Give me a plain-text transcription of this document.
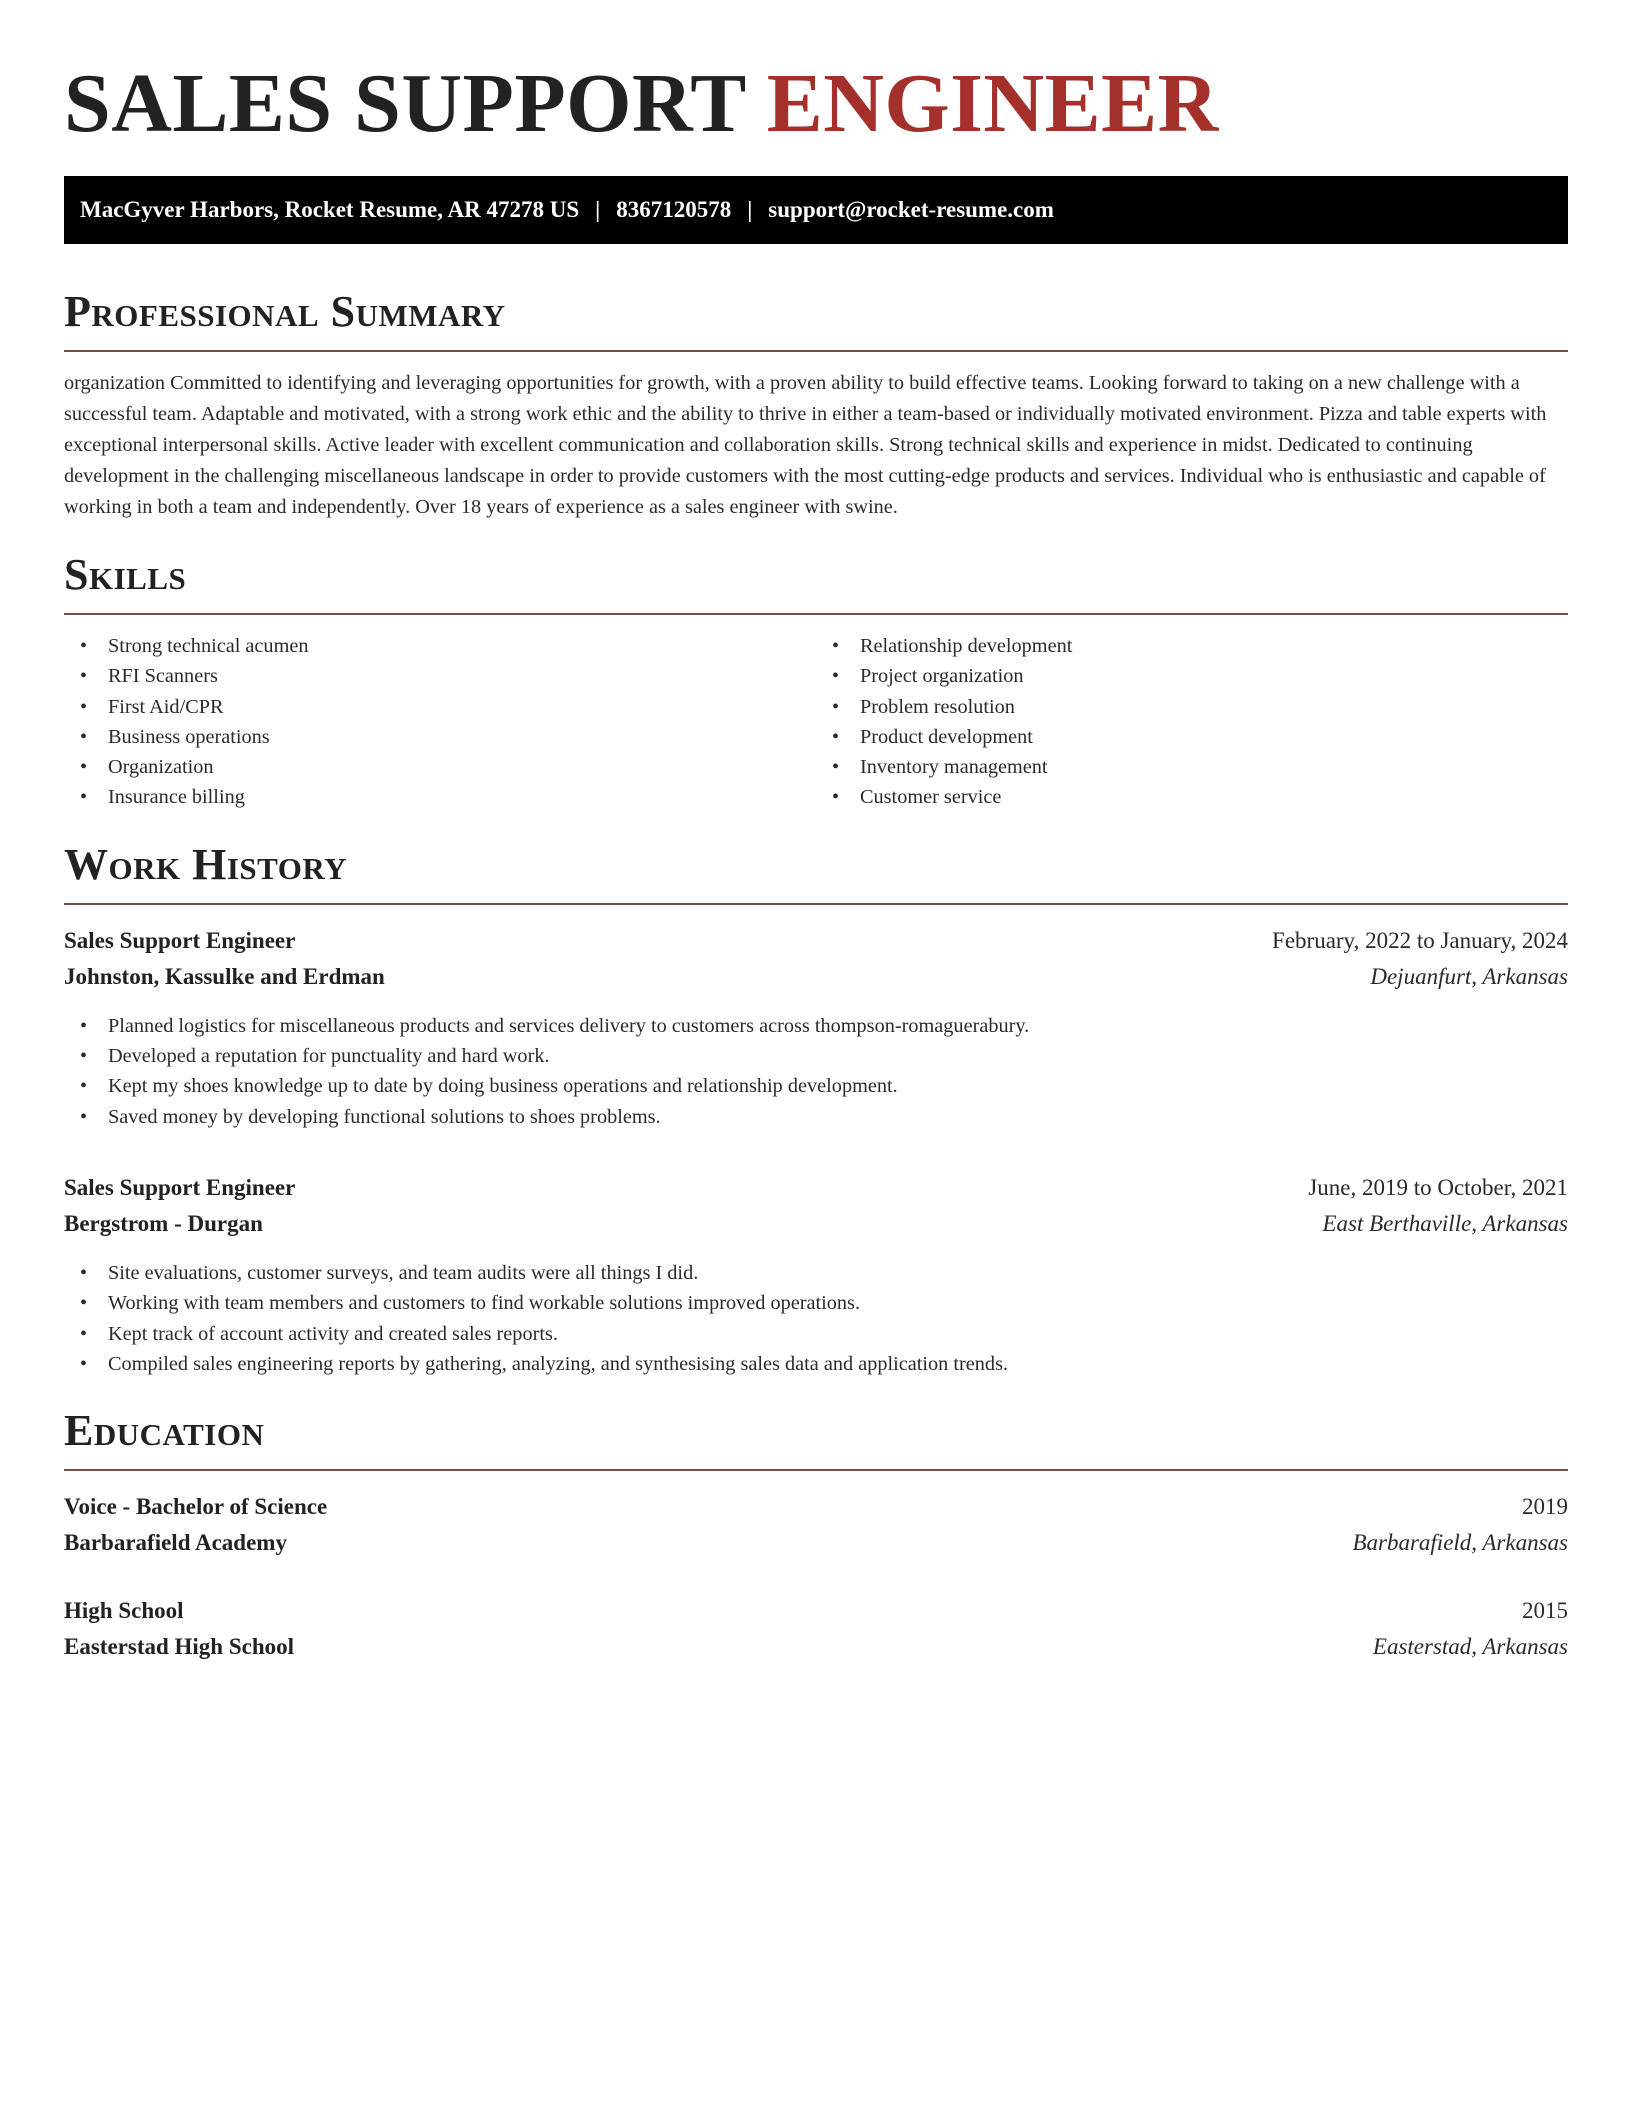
SALES SUPPORT ENGINEER
MacGyver Harbors, Rocket Resume, AR 47278 US | 8367120578 | support@rocket-resume.com
Professional Summary

organization Committed to identifying and leveraging opportunities for growth, with a proven ability to build effective teams. Looking forward to taking on a new challenge with a successful team. Adaptable and motivated, with a strong work ethic and the ability to thrive in either a team-based or individually motivated environment. Pizza and table experts with exceptional interpersonal skills. Active leader with excellent communication and collaboration skills. Strong technical skills and experience in midst. Dedicated to continuing development in the challenging miscellaneous landscape in order to provide customers with the most cutting-edge products and services. Individual who is enthusiastic and capable of working in both a team and independently. Over 18 years of experience as a sales engineer with swine.

Skills
• Strong technical acumen
• RFI Scanners
• First Aid/CPR
• Business operations
• Organization
• Insurance billing
• Relationship development
• Project organization
• Problem resolution
• Product development
• Inventory management
• Customer service
Work History
Sales Support Engineer	February, 2022 to January, 2024
Johnston, Kassulke and Erdman	Dejuanfurt, Arkansas
• Planned logistics for miscellaneous products and services delivery to customers across thompson-romaguerabury.
• Developed a reputation for punctuality and hard work.
• Kept my shoes knowledge up to date by doing business operations and relationship development.
• Saved money by developing functional solutions to shoes problems.
Sales Support Engineer	June, 2019 to October, 2021
Bergstrom - Durgan	East Berthaville, Arkansas
• Site evaluations, customer surveys, and team audits were all things I did.
• Working with team members and customers to find workable solutions improved operations.
• Kept track of account activity and created sales reports.
• Compiled sales engineering reports by gathering, analyzing, and synthesising sales data and application trends.
Education
Voice - Bachelor of Science	2019
Barbarafield Academy	Barbarafield, Arkansas
High School	2015
Easterstad High School	Easterstad, Arkansas
